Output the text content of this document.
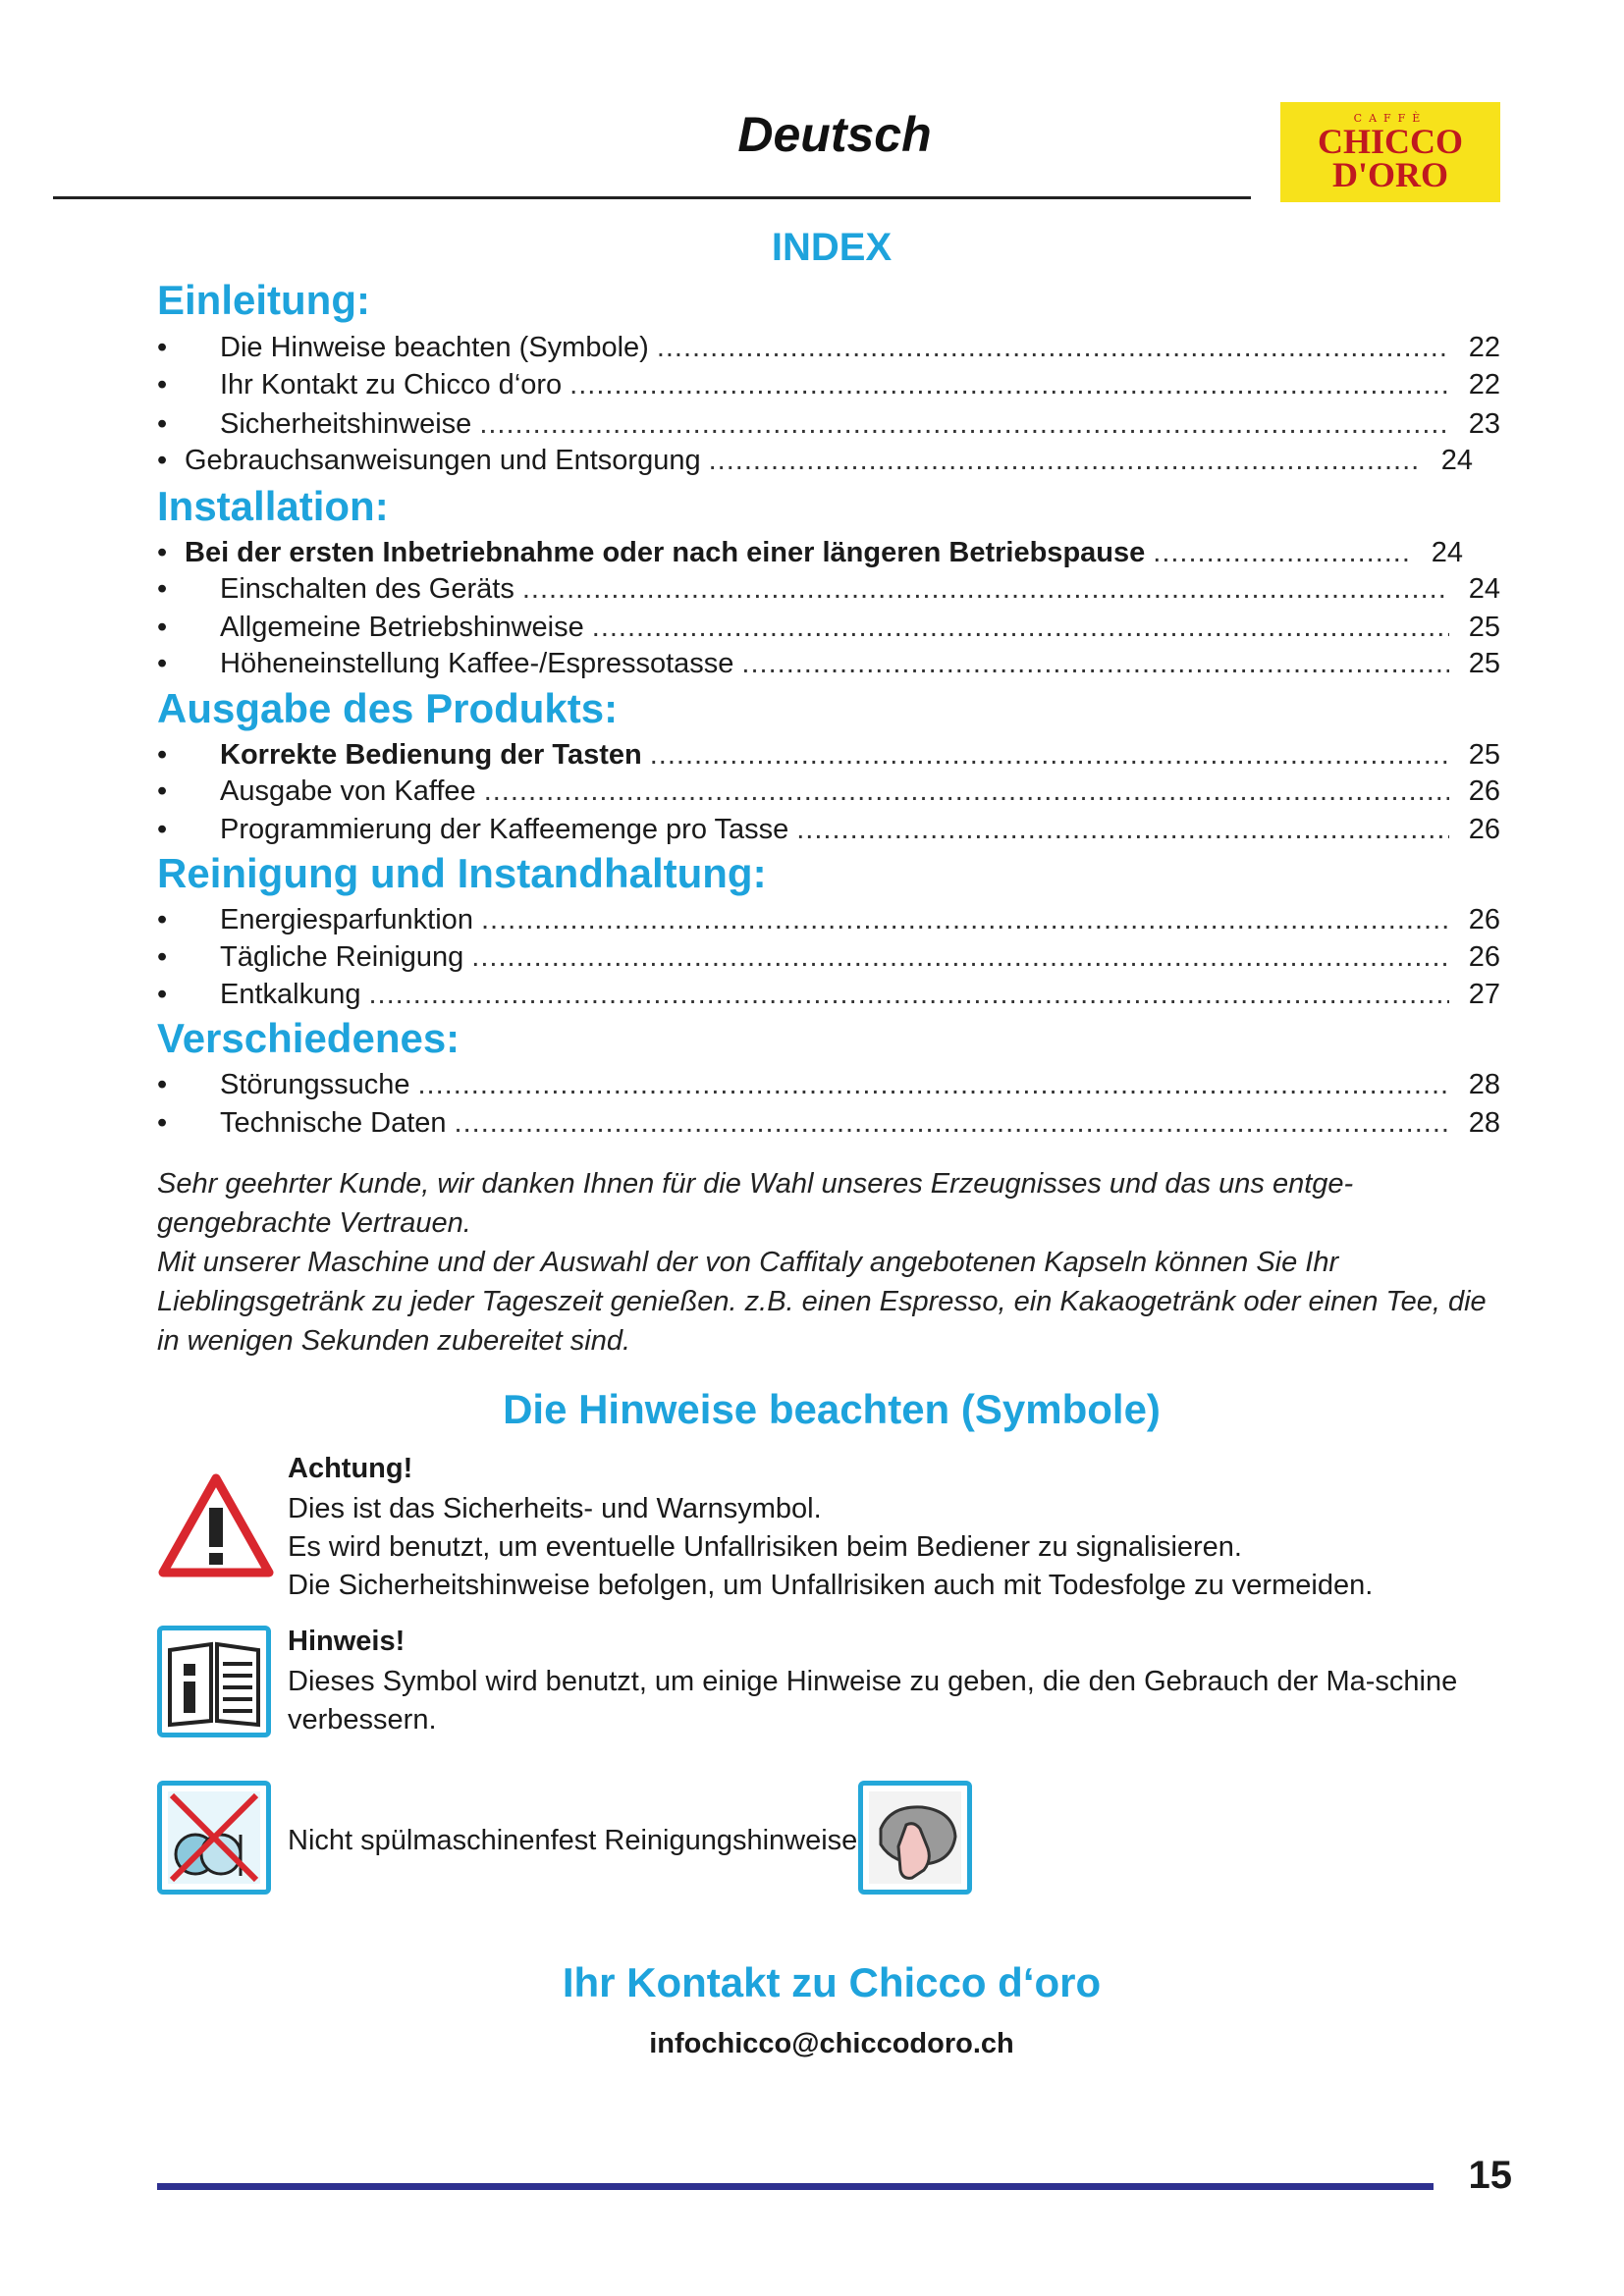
Deutsch	CAFFÈ
CHICCO
D'ORO
INDEX
Einleitung:
•	Die Hinweise beachten (Symbole) .....	22
•	Ihr Kontakt zu Chicco d‘oro .....	22
•	Sicherheitshinweise .....	23
• Gebrauchsanweisungen und Entsorgung .....	24
Installation:
• Bei der ersten Inbetriebnahme oder nach einer längeren Betriebspause .....	24
•	Einschalten des Geräts .....	24
•	Allgemeine Betriebshinweise .....	25
•	Höheneinstellung Kaffee-/Espressotasse .....	25
Ausgabe des Produkts:
•	Korrekte Bedienung der Tasten .....	25
•	Ausgabe von Kaffee .....	26
•	Programmierung der Kaffeemenge pro Tasse .....	26
Reinigung und Instandhaltung:
•	Energiesparfunktion .....	26
•	Tägliche Reinigung .....	26
•	Entkalkung .....	27
Verschiedenes:
•	Störungssuche .....	28
•	Technische Daten .....	28

Sehr geehrter Kunde, wir danken Ihnen für die Wahl unseres Erzeugnisses und das uns entge-gengebrachte Vertrauen.

Mit unserer Maschine und der Auswahl der von Caffitaly angebotenen Kapseln können Sie Ihr Lieblingsgetränk zu jeder Tageszeit genießen. z.B. einen Espresso, ein Kakaogetränk oder einen Tee, die in wenigen Sekunden zubereitet sind.

Die Hinweise beachten (Symbole)
Achtung!
Dies ist das Sicherheits- und Warnsymbol.
Es wird benutzt, um eventuelle Unfallrisiken beim Bediener zu signalisieren.
Die Sicherheitshinweise befolgen, um Unfallrisiken auch mit Todesfolge zu vermeiden.
Hinweis!
Dieses Symbol wird benutzt, um einige Hinweise zu geben, die den Gebrauch der Ma-schine verbessern.
Nicht spülmaschinenfest Reinigungshinweise
Ihr Kontakt zu Chicco d‘oro
infochicco@chiccodoro.ch
15
